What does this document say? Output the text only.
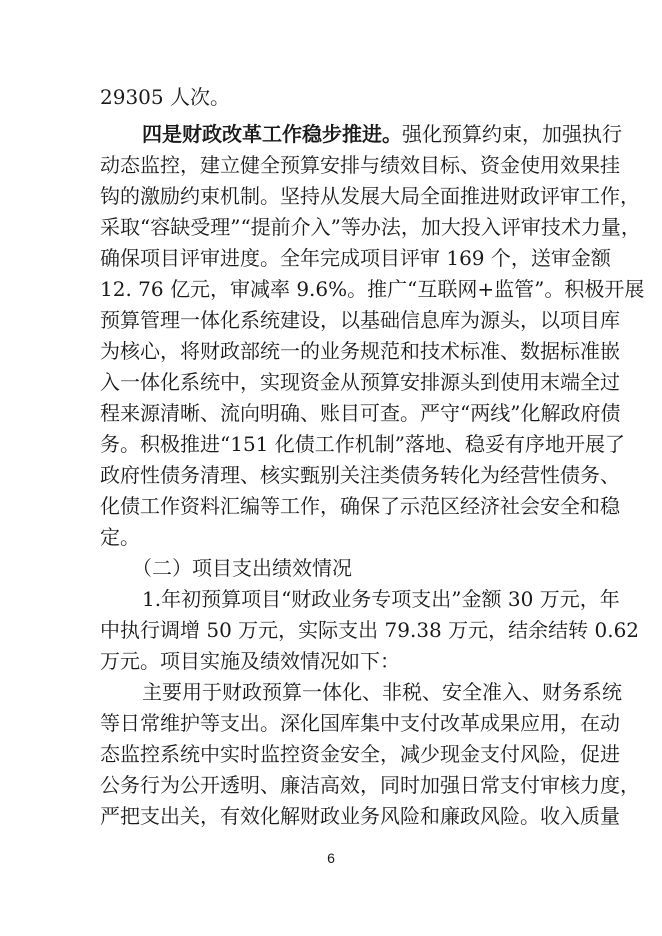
29305 人次。
四是财政改革工作稳步推进。强化预算约束，加强执行
动态监控，建立健全预算安排与绩效目标、资金使用效果挂
钩的激励约束机制。坚持从发展大局全面推进财政评审工作，
采取“容缺受理”“提前介入”等办法，加大投入评审技术力量，
确保项目评审进度。全年完成项目评审 169 个，送审金额
12. 76 亿元，审减率 9.6%。推广“互联网+监管”。积极开展
预算管理一体化系统建设，以基础信息库为源头，以项目库
为核心，将财政部统一的业务规范和技术标准、数据标准嵌
入一体化系统中，实现资金从预算安排源头到使用末端全过
程来源清晰、流向明确、账目可查。严守“两线”化解政府债
务。积极推进“151 化债工作机制”落地、稳妥有序地开展了
政府性债务清理、核实甄别关注类债务转化为经营性债务、
化债工作资料汇编等工作，确保了示范区经济社会安全和稳
定。
（二）项目支出绩效情况
1.年初预算项目“财政业务专项支出”金额 30 万元，年
中执行调增 50 万元，实际支出 79.38 万元，结余结转 0.62
万元。项目实施及绩效情况如下：
主要用于财政预算一体化、非税、安全准入、财务系统
等日常维护等支出。深化国库集中支付改革成果应用，在动
态监控系统中实时监控资金安全，减少现金支付风险，促进
公务行为公开透明、廉洁高效，同时加强日常支付审核力度，
严把支出关，有效化解财政业务风险和廉政风险。收入质量
6
